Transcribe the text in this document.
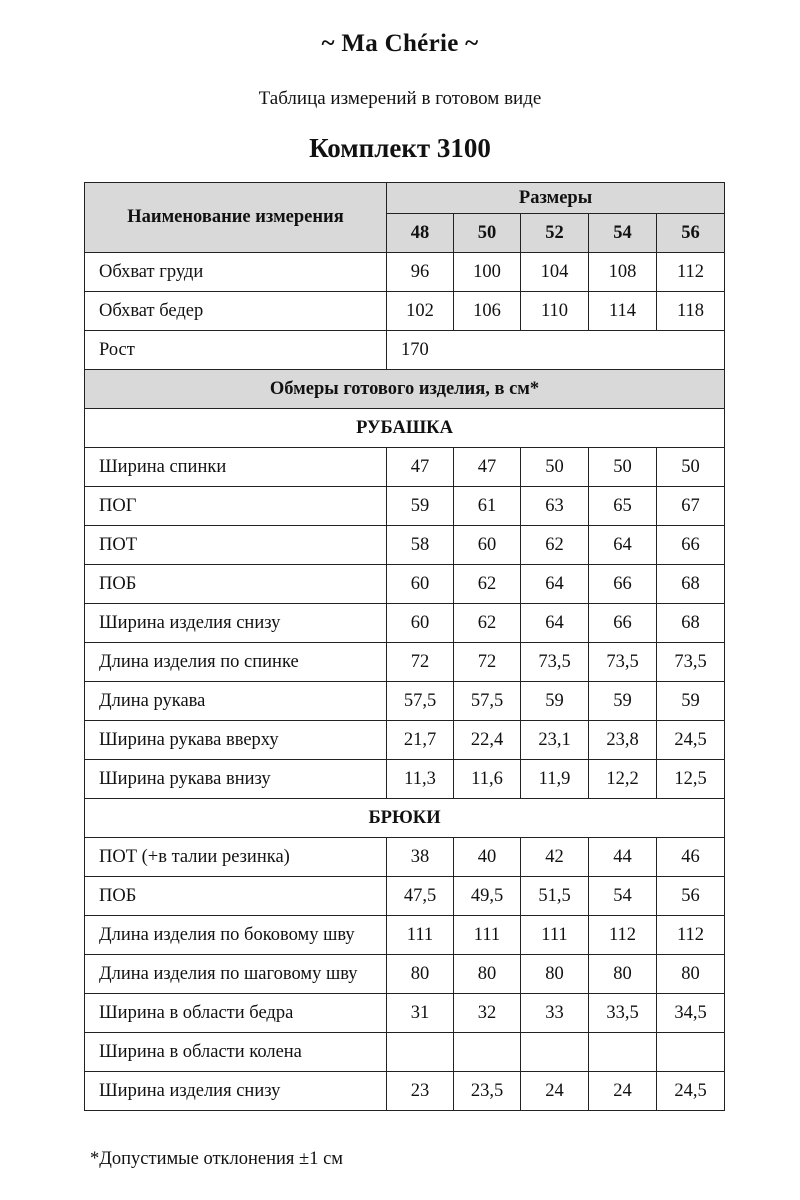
~ Ma Chérie ~
Таблица измерений в готовом виде
Комплект 3100
Наименование измерения	Размеры				
	48	50	52	54	56
Обхват груди	96	100	104	108	112
Обхват бедер	102	106	110	114	118
Рост	170				
Обмеры готового изделия, в см*					
РУБАШКА					
Ширина спинки	47	47	50	50	50
ПОГ	59	61	63	65	67
ПОТ	58	60	62	64	66
ПОБ	60	62	64	66	68
Ширина изделия снизу	60	62	64	66	68
Длина изделия по спинке	72	72	73,5	73,5	73,5
Длина рукава	57,5	57,5	59	59	59
Ширина рукава вверху	21,7	22,4	23,1	23,8	24,5
Ширина рукава внизу	11,3	11,6	11,9	12,2	12,5
БРЮКИ					
ПОТ (+в талии резинка)	38	40	42	44	46
ПОБ	47,5	49,5	51,5	54	56
Длина изделия по боковому шву	111	111	111	112	112
Длина изделия по шаговому шву	80	80	80	80	80
Ширина в области бедра	31	32	33	33,5	34,5
Ширина в области колена					
Ширина изделия снизу	23	23,5	24	24	24,5
*Допустимые отклонения ±1 см
